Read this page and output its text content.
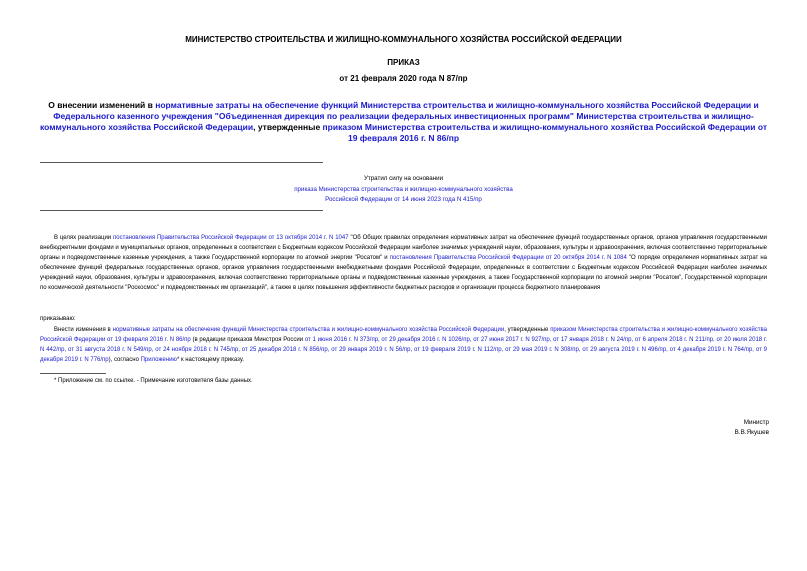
МИНИСТЕРСТВО СТРОИТЕЛЬСТВА И ЖИЛИЩНО-КОММУНАЛЬНОГО ХОЗЯЙСТВА РОССИЙСКОЙ ФЕДЕРАЦИИ
ПРИКАЗ
от 21 февраля 2020 года N 87/пр
О внесении изменений в нормативные затраты на обеспечение функций Министерства строительства и жилищно-коммунального хозяйства Российской Федерации и Федерального казенного учреждения "Объединенная дирекция по реализации федеральных инвестиционных программ" Министерства строительства и жилищно-коммунального хозяйства Российской Федерации, утвержденные приказом Министерства строительства и жилищно-коммунального хозяйства Российской Федерации от 19 февраля 2016 г. N 86/пр
Утратил силу на основании
приказа Министерства строительства и жилищно-коммунального хозяйства
Российской Федерации от 14 июня 2023 года N 415/пр
В целях реализации постановления Правительства Российской Федерации от 13 октября 2014 г. N 1047 "Об Общих правилах определения нормативных затрат на обеспечение функций государственных органов, органов управления государственными внебюджетными фондами и муниципальных органов, определенных в соответствии с Бюджетным кодексом Российской Федерации наиболее значимых учреждений науки, образования, культуры и здравоохранения, включая соответственно территориальные органы и подведомственные казенные учреждения, а также Государственной корпорации по атомной энергии "Росатом" и постановления Правительства Российской Федерации от 20 октября 2014 г. N 1084 "О порядке определения нормативных затрат на обеспечение функций федеральных государственных органов, органов управления государственными внебюджетными фондами Российской Федерации, определенных в соответствии с Бюджетным кодексом Российской Федерации наиболее значимых учреждений науки, образования, культуры и здравоохранения, включая соответственно территориальные органы и подведомственные казенные учреждения, а также Государственной корпорации по атомной энергии "Росатом", Государственной корпорации по космической деятельности "Роскосмос" и подведомственных им организаций", а также в целях повышения эффективности бюджетных расходов и организации процесса бюджетного планирования
приказываю:
Внести изменения в нормативные затраты на обеспечение функций Министерства строительства и жилищно-коммунального хозяйства Российской Федерации, утвержденные приказом Министерства строительства и жилищно-коммунального хозяйства Российской Федерации от 19 февраля 2016 г. N 86/пр (в редакции приказов Минстроя России от 1 июня 2016 г. N 373/пр, от 29 декабря 2016 г. N 1026/пр, от 27 июня 2017 г. N 927/пр, от 17 января 2018 г. N 24/пр, от 6 апреля 2018 г. N 211/пр, от 20 июля 2018 г. N 442/пр, от 31 августа 2018 г. N 549/пр, от 24 ноября 2018 г. N 745/пр, от 25 декабря 2018 г. N 856/пр, от 29 января 2019 г. N 56/пр, от 19 февраля 2019 г. N 112/пр, от 29 мая 2019 г. N 308/пр, от 29 августа 2019 г. N 496/пр, от 4 декабря 2019 г. N 764/пр, от 9 декабря 2019 г. N 776/пр), согласно Приложению* к настоящему приказу.
* Приложение см. по ссылке. - Примечание изготовителя базы данных.
Министр
В.В.Якушев
